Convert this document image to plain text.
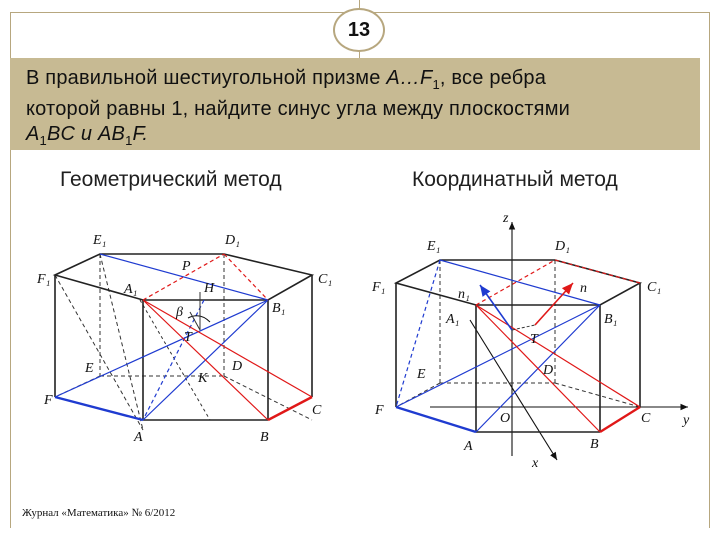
13
В правильной шестиугольной призме $A\dots F_1$, все ребра
которой равны 1, найдите синус угла между плоскостями
$A_1BC$ и $AB_1F$.
Геометрический метод	Координатный метод
E₁	D₁
F₁	C₁
A₁
B₁
E	D
F
C
A	B
P
H
β
T
K
E₁	D₁
F₁	C₁
A₁	B₁
E	D
F
C
A	B
T
O
n₁	n
z
y
x
Журнал «Математика» № 6/2012
